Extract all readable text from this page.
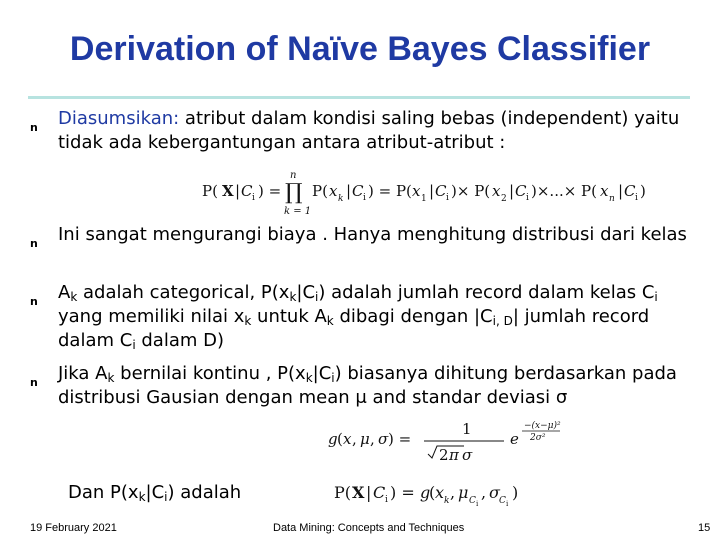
Derivation of Naïve Bayes Classifier
n Diasumsikan: atribut dalam kondisi saling bebas (independent) yaitu tidak ada kebergantungan antara atribut-atribut :
P( X | C i ) =
n
∏
k = 1
P( x k | C i ) = P( x 1 | C i )× P( x 2 | C i )×...× P( x n | C i )
n Ini sangat mengurangi biaya . Hanya menghitung distribusi dari kelas
n $A_k$ adalah categorical, $P(x_k|C_i)$ adalah jumlah record dalam kelas $C_i$ yang memiliki nilai $x_k$ untuk $A_k$ dibagi dengan $|C_{i, D}|$ jumlah record dalam $C_i$ dalam D)
n Jika $A_k$ bernilai kontinu , $P(x_k|C_i)$ biasanya dihitung berdasarkan pada distribusi Gausian dengan mean μ and standar deviasi σ
g ( x , μ , σ ) =
1
2 π σ
e
−(x−μ)²
2σ²
Dan $P(x_k|C_i)$ adalah	P( X | C i ) = g
( x k , μ C i
, σ C i
)
19 February 2021	Data Mining: Concepts and Techniques	15
